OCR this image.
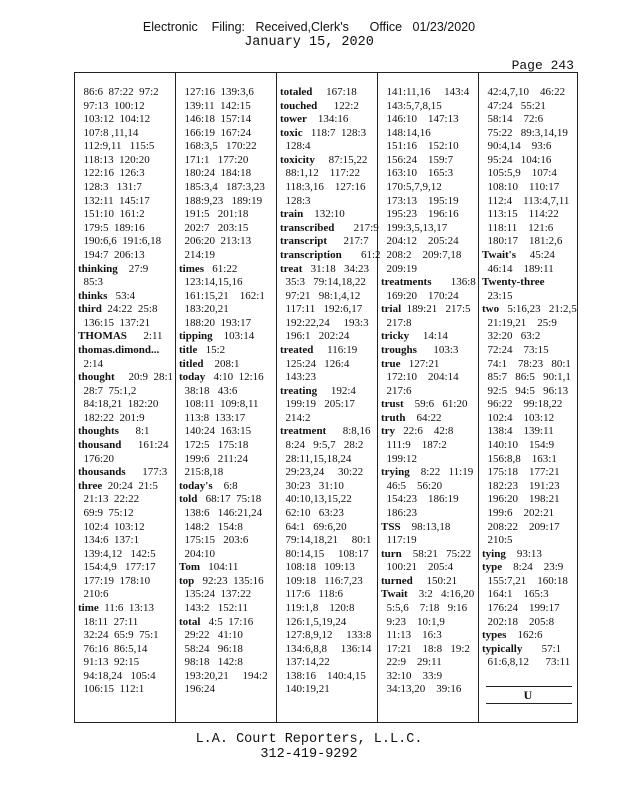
Electronic    Filing:   Received,Clerk's      Office   01/23/2020
January 15, 2020
Page 243
86:6  87:22  97:2
97:13  100:12
103:12  104:12
107:8 ,11,14
112:9,11   115:5
118:13  120:20
122:16  126:3
128:3   131:7
132:11  145:17
151:10  161:2
179:5  189:16
190:6,6  191:6,18
194:7  206:13
thinking    27:9
85:3
thinks   53:4
third  24:22  25:8
136:15  137:21
THOMAS      2:11
thomas.dimond...
2:14
thought     20:9  28:1
28:7  75:1,2
84:18,21  182:20
182:22  201:9
thoughts      8:1
thousand      161:24
176:20
thousands      177:3
three  20:24  21:5
21:13  22:22
69:9  75:12
102:4  103:12
134:6  137:1
139:4,12   142:5
154:4,9   177:17
177:19  178:10
210:6
time  11:6  13:13
18:11  27:11
32:24  65:9  75:1
76:16  86:5,14
91:13  92:15
94:18,24   105:4
106:15  112:1
127:16  139:3,6
139:11  142:15
146:18  157:14
166:19  167:24
168:3,5   170:22
171:1   177:20
180:24  184:18
185:3,4   187:3,23
188:9,23   189:19
191:5   201:18
202:7   203:15
206:20  213:13
214:19
times   61:22
123:14,15,16
161:15,21    162:1
183:20,21
188:20  193:17
tipping    103:14
title   15:2
titled    208:1
today   4:10  12:16
38:18   43:6
108:11  109:8,11
113:8  133:17
140:24  163:15
172:5   175:18
199:6   211:24
215:8,18
today's    6:8
told   68:17  75:18
138:6   146:21,24
148:2   154:8
175:15   203:6
204:10
Tom   104:11
top   92:23  135:16
135:24  137:22
143:2   152:11
total   4:5  17:16
29:22   41:10
58:24   96:18
98:18   142:8
193:20,21     194:2
196:24
totaled     167:18
touched      122:2
tower    134:16
toxic   118:7  128:3
128:4
toxicity     87:15,22
88:1,12    117:22
118:3,16    127:16
128:3
train    132:10
transcribed       217:9
transcript      217:7
transcription       61:2
treat   31:18   34:23
35:3   79:14,18,22
97:21   98:1,4,12
117:11   192:6,17
192:22,24     193:3
196:1   202:24
treated     116:19
125:24   126:4
143:23
treating     192:4
199:19   205:17
214:2
treatment      8:8,16
8:24   9:5,7   28:2
28:11,15,18,24
29:23,24     30:22
30:23   31:10
40:10,13,15,22
62:10   63:23
64:1   69:6,20
79:14,18,21     80:1
80:14,15     108:17
108:18   109:13
109:18   116:7,23
117:6   118:6
119:1,8    120:8
126:1,5,19,24
127:8,9,12     133:8
134:6,8,8     136:14
137:14,22
138:16    140:4,15
140:19,21
141:11,16     143:4
143:5,7,8,15
146:10    147:13
148:14,16
151:16    152:10
156:24    159:7
163:10    165:3
170:5,7,9,12
173:13    195:19
195:23    196:16
199:3,5,13,17
204:12    205:24
208:2    209:7,18
209:19
treatments       136:8
169:20    170:24
trial  189:21   217:5
217:8
tricky     14:14
troughs      103:3
true   127:21
172:10    204:14
217:6
trust    59:6   61:20
truth    64:22
try   22:6    42:8
111:9    187:2
199:12
trying    8:22   11:19
46:5    56:20
154:23    186:19
186:23
TSS    98:13,18
117:19
turn    58:21   75:22
100:21    205:4
turned     150:21
Twait    3:2   4:16,20
5:5,6    7:18   9:16
9:23    10:1,9
11:13    16:3
17:21    18:8   19:2
22:9    29:11
32:10    33:9
34:13,20    39:16
42:4,7,10    46:22
47:24   55:21
58:14    72:6
75:22   89:3,14,19
90:4,14    93:6
95:24   104:16
105:5,9    107:4
108:10    110:17
112:4    113:4,7,11
113:15    114:22
118:11    121:6
180:17    181:2,6
Twait's     45:24
46:14    189:11
Twenty-three
23:15
two   5:16,23   21:2,5
21:19,21    25:9
32:20   63:2
72:24    73:15
74:1    78:23   80:1
85:7   86:5   90:1,1
92:5   94:5   96:13
96:22    99:18,22
102:4    103:12
138:4    139:11
140:10    154:9
156:8,8    163:1
175:18    177:21
182:23    191:23
196:20    198:21
199:6    202:21
208:22    209:17
210:5
tying    93:13
type    8:24    23:9
155:7,21    160:18
164:1    165:3
176:24    199:17
202:18    205:8
types    162:6
typically       57:1
61:6,8,12      73:11
U
L.A. Court Reporters, L.L.C.
312-419-9292
